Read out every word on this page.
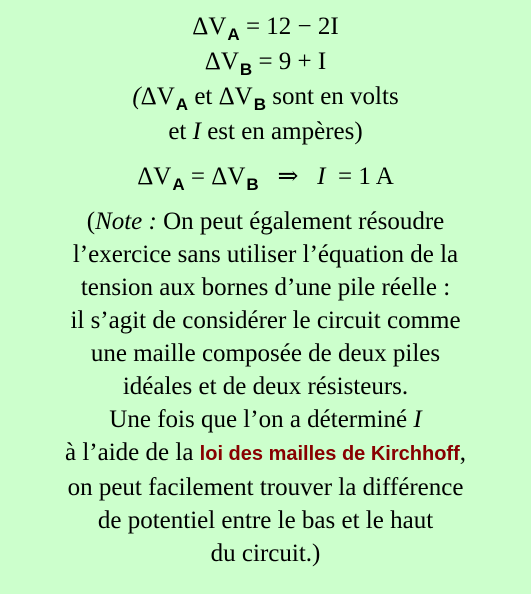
$\Delta V_A = 12 - 2I$
$\Delta V_B = 9 + I$
($\Delta V_A$ et $\Delta V_B$ sont en volts
et I est en ampères)
$\Delta V_A = \Delta V_B$   ⇒   I  = 1 A
(Note : On peut également résoudre
l’exercice sans utiliser l’équation de la
tension aux bornes d’une pile réelle :
il s’agit de considérer le circuit comme
une maille composée de deux piles
idéales et de deux résisteurs.
Une fois que l’on a déterminé I
à l’aide de la loi des mailles de Kirchhoff,
on peut facilement trouver la différence
de potentiel entre le bas et le haut
du circuit.)
